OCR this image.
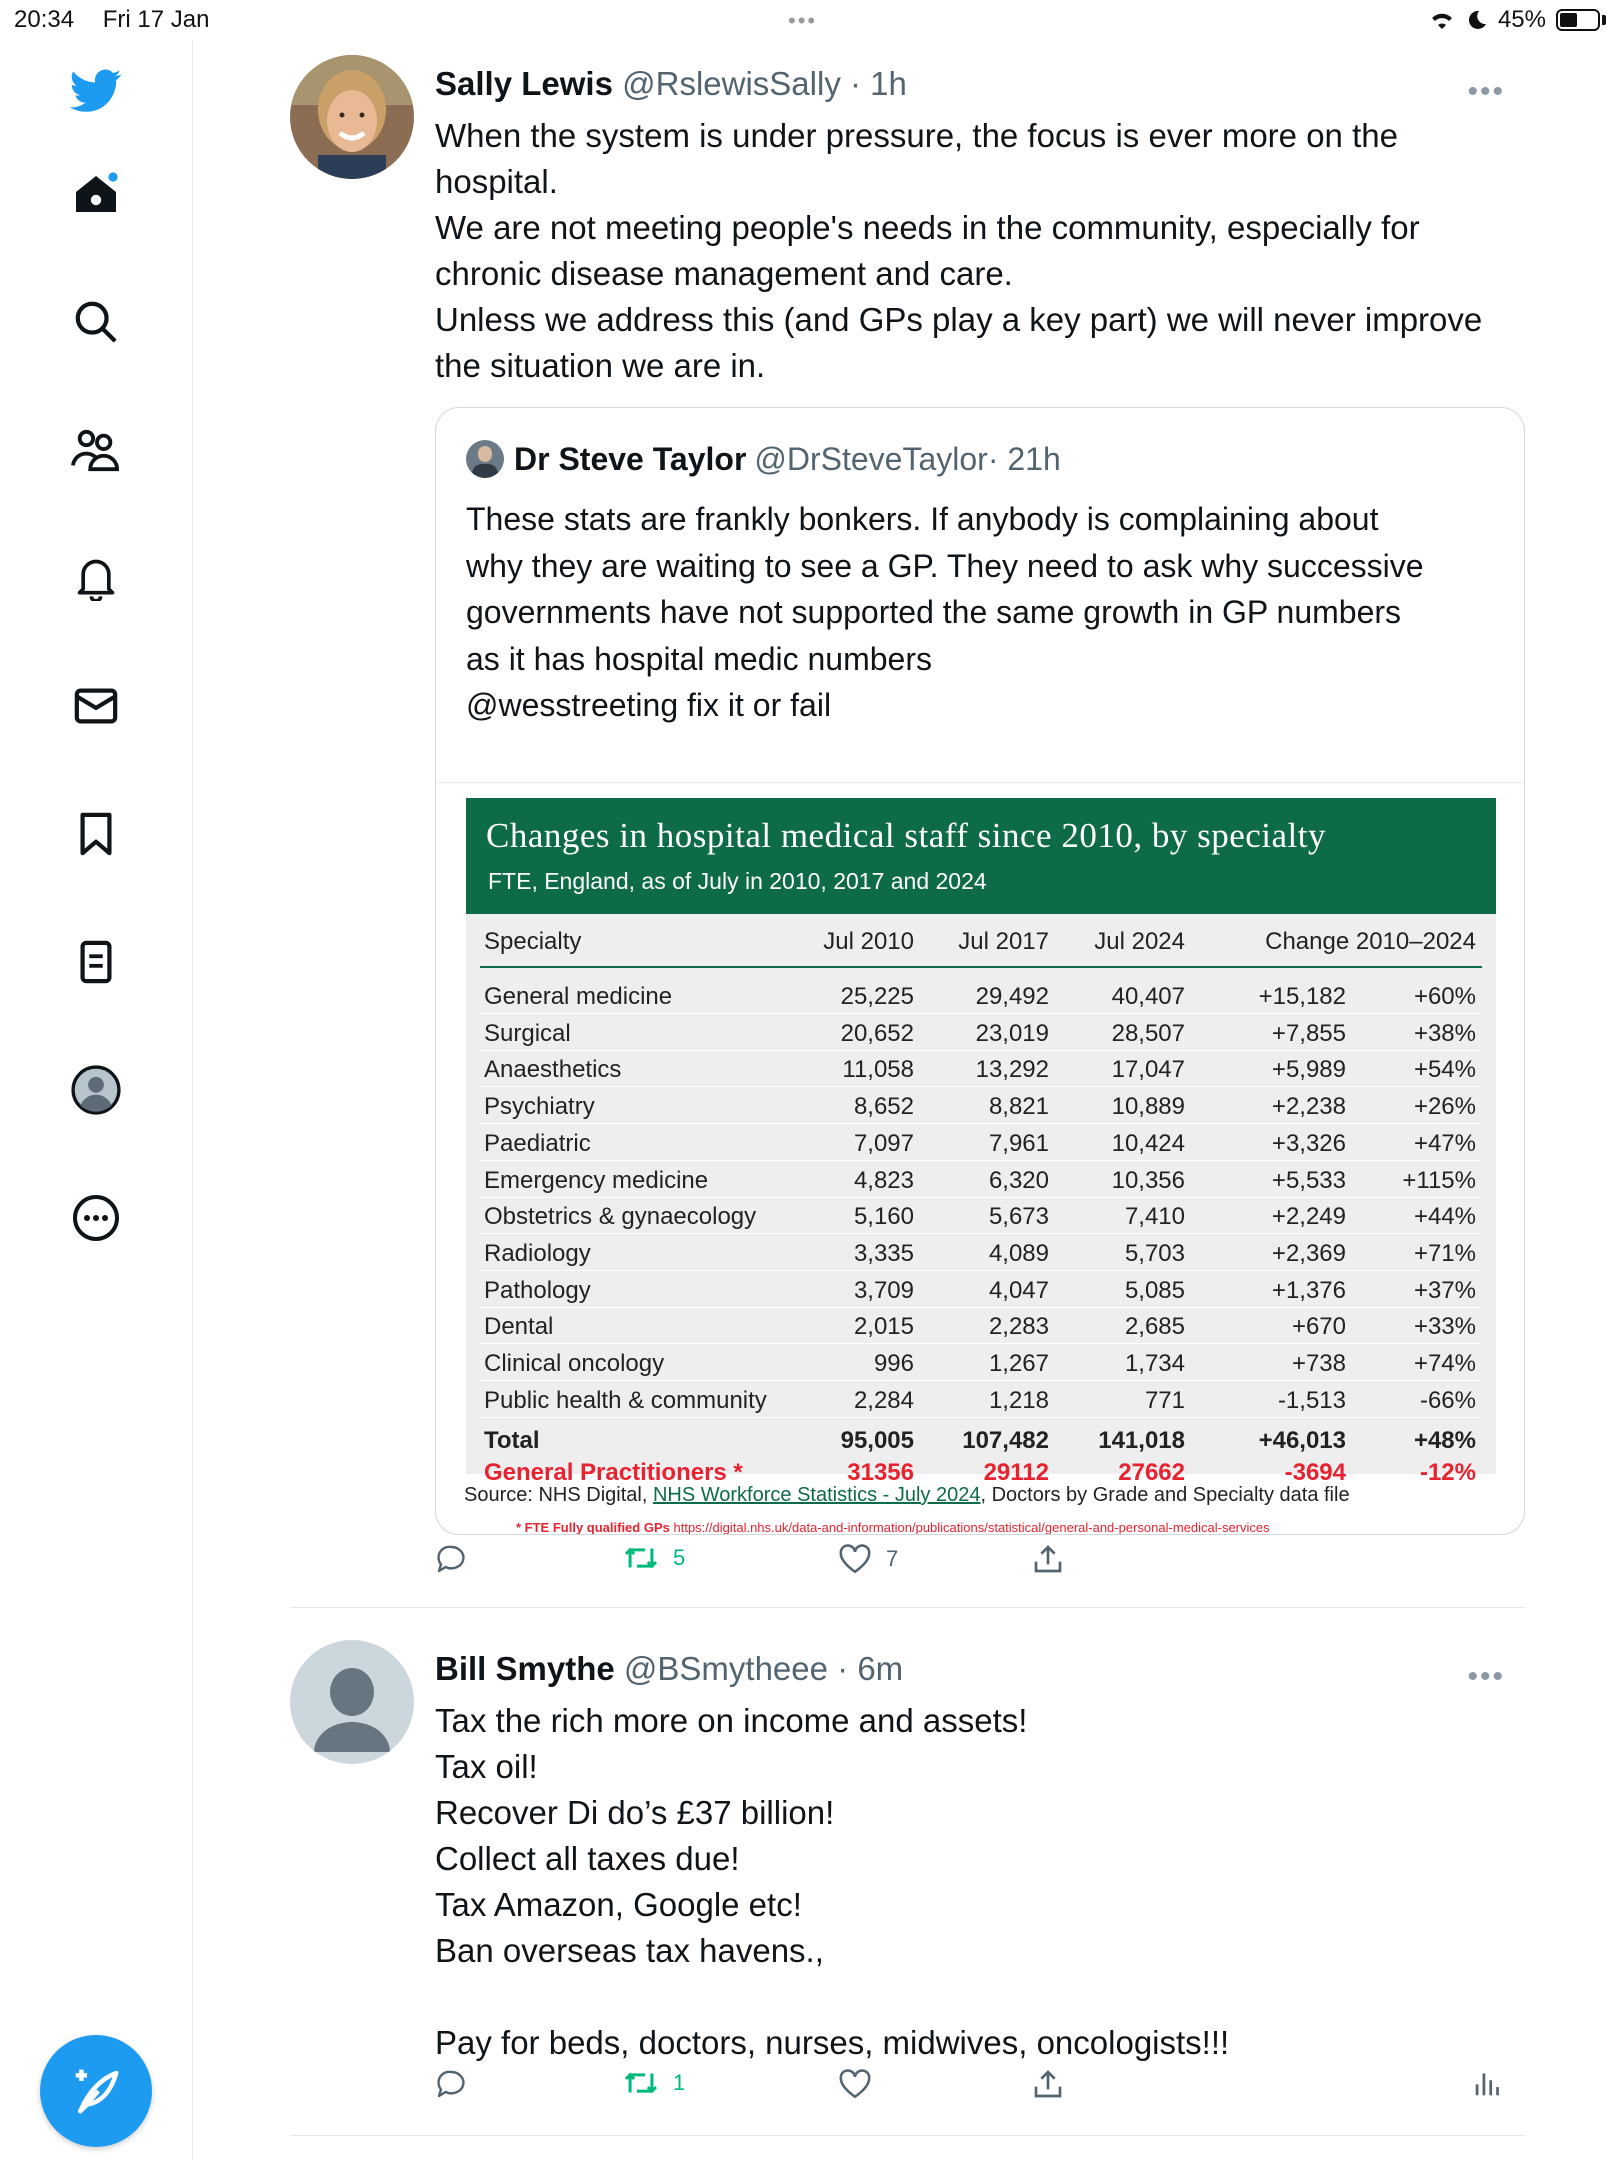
20:34 Fri 17 Jan	•••	45%
Sally Lewis @RslewisSally · 1h	•••
When the system is under pressure, the focus is ever more on the
hospital.
We are not meeting people's needs in the community, especially for
chronic disease management and care.
Unless we address this (and GPs play a key part) we will never improve
the situation we are in.
Dr Steve Taylor @DrSteveTaylor · 21h
These stats are frankly bonkers. If anybody is complaining about
why they are waiting to see a GP. They need to ask why successive
governments have not supported the same growth in GP numbers
as it has hospital medic numbers
@wesstreeting fix it or fail
Changes in hospital medical staff since 2010, by specialty
FTE, England, as of July in 2010, 2017 and 2024
Specialty	Jul 2010 Jul 2017 Jul 2024	Change 2010–2024
General medicine	25,225	29,492	40,407	+15,182	+60%
Surgical	20,652	23,019	28,507	+7,855	+38%
Anaesthetics	11,058	13,292	17,047	+5,989	+54%
Psychiatry	8,652	8,821	10,889	+2,238	+26%
Paediatric	7,097	7,961	10,424	+3,326	+47%
Emergency medicine	4,823	6,320	10,356	+5,533 +115%
Obstetrics & gynaecology	5,160	5,673	7,410	+2,249	+44%
Radiology	3,335	4,089	5,703	+2,369	+71%
Pathology	3,709	4,047	5,085	+1,376	+37%
Dental	2,015	2,283	2,685	+670	+33%
Clinical oncology	996	1,267	1,734	+738	+74%
Public health & community	2,284	1,218	771	-1,513	-66%
Total	95,005 107,482 141,018	+46,013	+48%
General Practitioners *	31356	29112	27662	-3694	-12%
Source: NHS Digital, NHS Workforce Statistics - July 2024, Doctors by Grade and Specialty data file
* FTE Fully qualified GPs https://digital.nhs.uk/data-and-information/publications/statistical/general-and-personal-medical-services
5	7
Bill Smythe @BSmytheee · 6m	•••
Tax the rich more on income and assets!
Tax oil!
Recover Di do’s £37 billion!
Collect all taxes due!
Tax Amazon, Google etc!
Ban overseas tax havens.,
Pay for beds, doctors, nurses, midwives, oncologists!!!
1
